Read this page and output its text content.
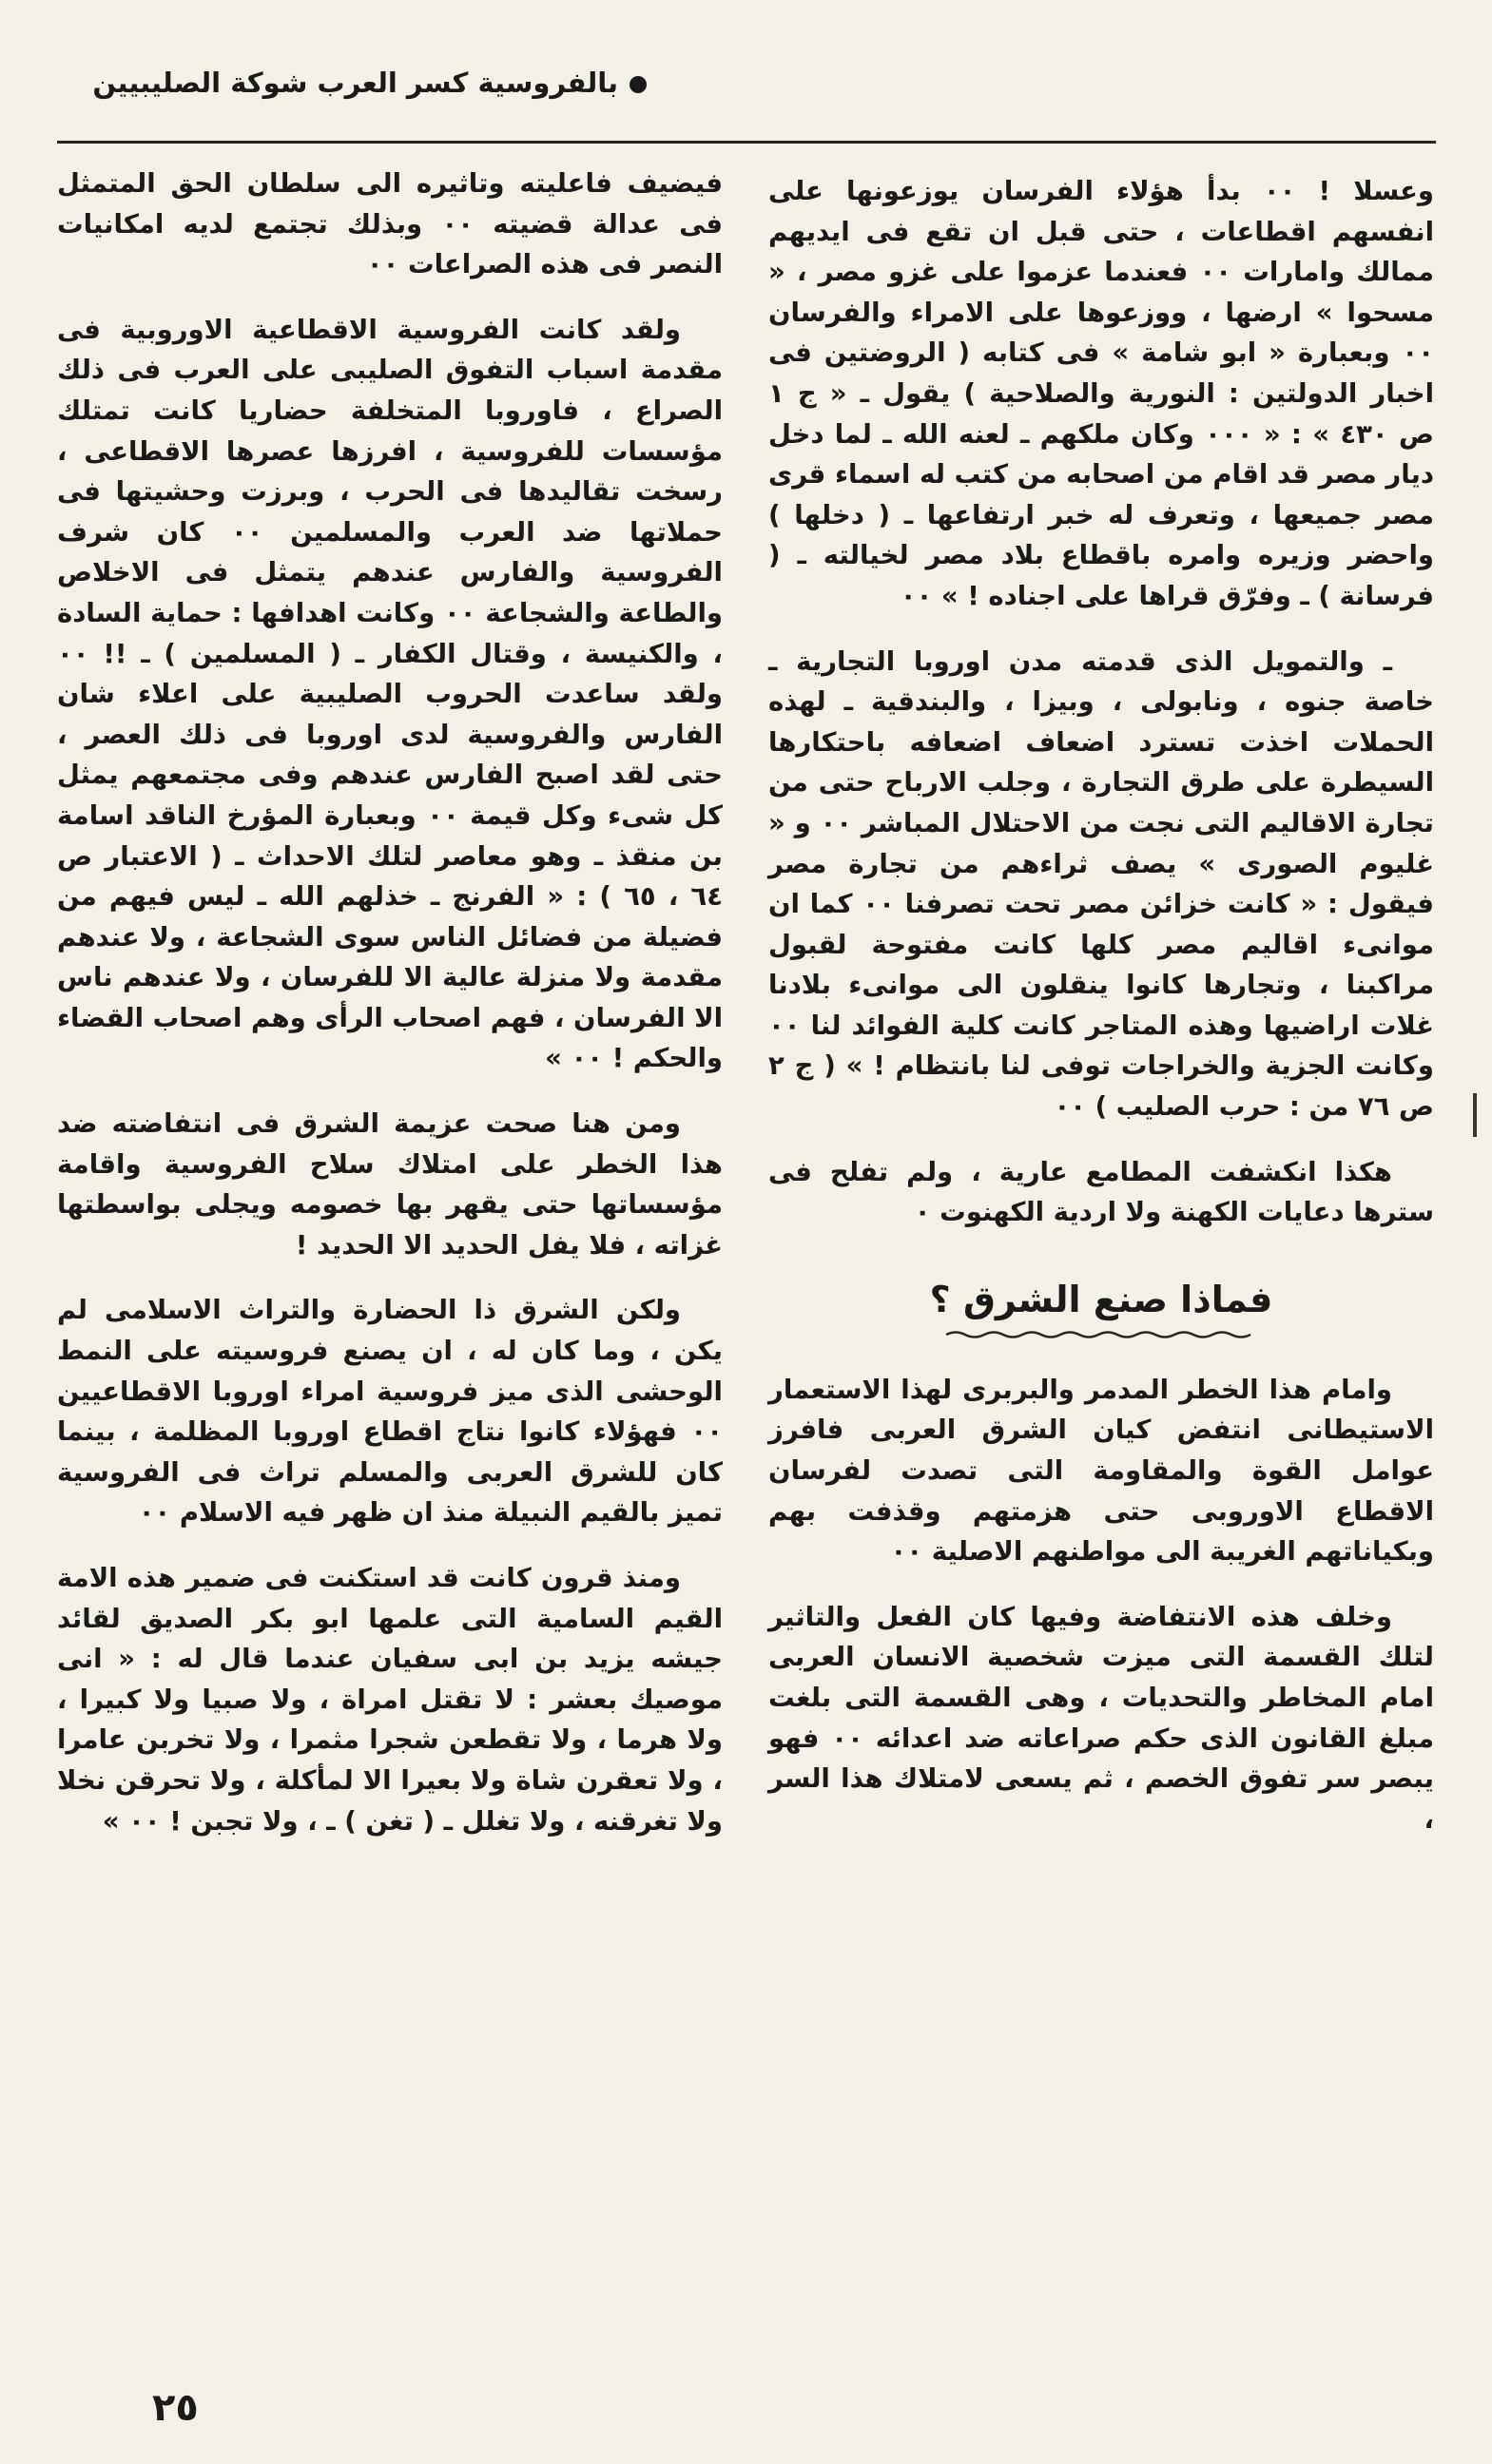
بالفروسية كسر العرب شوكة الصليبيين

وعسلا ! ٠٠ بدأ هؤلاء الفرسان يوزعونها على انفسهم اقطاعات ، حتى قبل ان تقع فى ايديهم ممالك وامارات ٠٠ فعندما عزموا على غزو مصر ، « مسحوا » ارضها ، ووزعوها على الامراء والفرسان ٠٠ وبعبارة « ابو شامة » فى كتابه ( الروضتين فى اخبار الدولتين : النورية والصلاحية ) يقول ـ « ج ١ ص ٤٣٠ » : « ٠٠٠ وكان ملكهم ـ لعنه الله ـ لما دخل ديار مصر قد اقام من اصحابه من كتب له اسماء قرى مصر جميعها ، وتعرف له خبر ارتفاعها ـ ( دخلها ) واحضر وزيره وامره باقطاع بلاد مصر لخيالته ـ ( فرسانة ) ـ وفرّق قراها على اجناده ! » ٠٠

ـ والتمويل الذى قدمته مدن اوروبا التجارية ـ خاصة جنوه ، ونابولى ، وبيزا ، والبندقية ـ لهذه الحملات اخذت تسترد اضعاف اضعافه باحتكارها السيطرة على طرق التجارة ، وجلب الارباح حتى من تجارة الاقاليم التى نجت من الاحتلال المباشر ٠٠ و « غليوم الصورى » يصف ثراءهم من تجارة مصر فيقول : « كانت خزائن مصر تحت تصرفنا ٠٠ كما ان موانىء اقاليم مصر كلها كانت مفتوحة لقبول مراكبنا ، وتجارها كانوا ينقلون الى موانىء بلادنا غلات اراضيها وهذه المتاجر كانت كلية الفوائد لنا ٠٠ وكانت الجزية والخراجات توفى لنا بانتظام ! » ( ج ٢ ص ٧٦ من : حرب الصليب ) ٠٠

هكذا انكشفت المطامع عارية ، ولم تفلح فى سترها دعايات الكهنة ولا اردية الكهنوت ٠

فماذا صنع الشرق ؟

وامام هذا الخطر المدمر والبربرى لهذا الاستعمار الاستيطانى انتفض كيان الشرق العربى فافرز عوامل القوة والمقاومة التى تصدت لفرسان الاقطاع الاوروبى حتى هزمتهم وقذفت بهم وبكياناتهم الغريبة الى مواطنهم الاصلية ٠٠

وخلف هذه الانتفاضة وفيها كان الفعل والتاثير لتلك القسمة التى ميزت شخصية الانسان العربى امام المخاطر والتحديات ، وهى القسمة التى بلغت مبلغ القانون الذى حكم صراعاته ضد اعدائه ٠٠ فهو يبصر سر تفوق الخصم ، ثم يسعى لامتلاك هذا السر ،

فيضيف فاعليته وتاثيره الى سلطان الحق المتمثل فى عدالة قضيته ٠٠ وبذلك تجتمع لديه امكانيات النصر فى هذه الصراعات ٠٠

ولقد كانت الفروسية الاقطاعية الاوروبية فى مقدمة اسباب التفوق الصليبى على العرب فى ذلك الصراع ، فاوروبا المتخلفة حضاريا كانت تمتلك مؤسسات للفروسية ، افرزها عصرها الاقطاعى ، رسخت تقاليدها فى الحرب ، وبرزت وحشيتها فى حملاتها ضد العرب والمسلمين ٠٠ كان شرف الفروسية والفارس عندهم يتمثل فى الاخلاص والطاعة والشجاعة ٠٠ وكانت اهدافها : حماية السادة ، والكنيسة ، وقتال الكفار ـ ( المسلمين ) ـ !! ٠٠ ولقد ساعدت الحروب الصليبية على اعلاء شان الفارس والفروسية لدى اوروبا فى ذلك العصر ، حتى لقد اصبح الفارس عندهم وفى مجتمعهم يمثل كل شىء وكل قيمة ٠٠ وبعبارة المؤرخ الناقد اسامة بن منقذ ـ وهو معاصر لتلك الاحداث ـ ( الاعتبار ص ٦٤ ، ٦٥ ) : « الفرنج ـ خذلهم الله ـ ليس فيهم من فضيلة من فضائل الناس سوى الشجاعة ، ولا عندهم مقدمة ولا منزلة عالية الا للفرسان ، ولا عندهم ناس الا الفرسان ، فهم اصحاب الرأى وهم اصحاب القضاء والحكم ! ٠٠ »

ومن هنا صحت عزيمة الشرق فى انتفاضته ضد هذا الخطر على امتلاك سلاح الفروسية واقامة مؤسساتها حتى يقهر بها خصومه ويجلى بواسطتها غزاته ، فلا يفل الحديد الا الحديد !

ولكن الشرق ذا الحضارة والتراث الاسلامى لم يكن ، وما كان له ، ان يصنع فروسيته على النمط الوحشى الذى ميز فروسية امراء اوروبا الاقطاعيين ٠٠ فهؤلاء كانوا نتاج اقطاع اوروبا المظلمة ، بينما كان للشرق العربى والمسلم تراث فى الفروسية تميز بالقيم النبيلة منذ ان ظهر فيه الاسلام ٠٠

ومنذ قرون كانت قد استكنت فى ضمير هذه الامة القيم السامية التى علمها ابو بكر الصديق لقائد جيشه يزيد بن ابى سفيان عندما قال له : « انى موصيك بعشر : لا تقتل امراة ، ولا صبيا ولا كبيرا ، ولا هرما ، ولا تقطعن شجرا مثمرا ، ولا تخربن عامرا ، ولا تعقرن شاة ولا بعيرا الا لمأكلة ، ولا تحرقن نخلا ولا تغرقنه ، ولا تغلل ـ ( تغن ) ـ ، ولا تجبن ! ٠٠ »

٢٥
